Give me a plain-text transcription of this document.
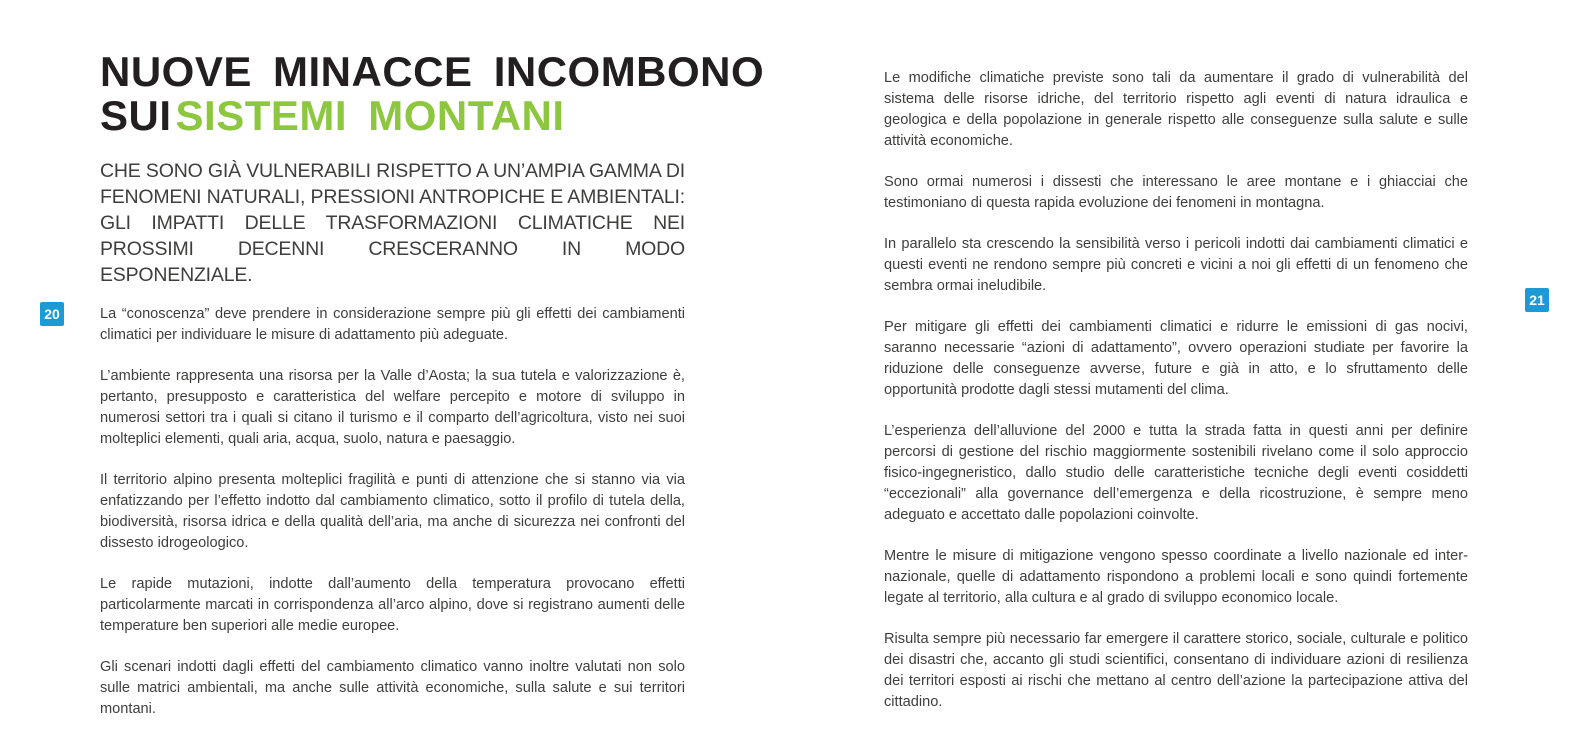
20
21
NUOVE MINACCE INCOMBONO
SUISISTEMI MONTANI

CHE SONO GIÀ VULNERABILI RISPETTO A UN’AMPIA GAMMA DI FENOMENI NATURALI, PRESSIONI ANTROPICHE E AMBIENTALI: GLI IMPATTI DELLE TRASFORMAZIONI CLIMATICHE NEI PROSSIMI DECENNI CRESCERANNO IN MODO ESPONENZIALE.

La “conoscenza” deve prendere in considerazione sempre più gli effetti dei cambiamenti climatici per individuare le misure di adattamento più adeguate.

L’ambiente rappresenta una risorsa per la Valle d’Aosta; la sua tutela e valorizzazione è, pertanto, presupposto e caratteristica del welfare percepito e motore di sviluppo in numerosi settori tra i quali si citano il turismo e il comparto dell’agricoltura, visto nei suoi molteplici elementi, quali aria, acqua, suolo, natura e paesaggio.

Il territorio alpino presenta molteplici fragilità e punti di attenzione che si stanno via via enfatizzando per l’effetto indotto dal cambiamento climatico, sotto il profilo di tutela della, biodiversità, risorsa idrica e della qualità dell’aria, ma anche di sicurezza nei confronti del dissesto idrogeologico.

Le rapide mutazioni, indotte dall’aumento della temperatura provocano effetti particolarmente marcati in corrispondenza all’arco alpino, dove si registrano aumenti delle temperature ben superiori alle medie europee.

Gli scenari indotti dagli effetti del cambiamento climatico vanno inoltre valutati non solo sulle matrici ambientali, ma anche sulle attività economiche, sulla salute e sui territori montani.

Le modifiche climatiche previste sono tali da aumentare il grado di vulnerabilità del sistema delle risorse idriche, del territorio rispetto agli eventi di natura idraulica e geologica e della popolazione in generale rispetto alle conseguenze sulla salute e sulle attività economiche.

Sono ormai numerosi i dissesti che interessano le aree montane e i ghiacciai che testimoniano di questa rapida evoluzione dei fenomeni in montagna.

In parallelo sta crescendo la sensibilità verso i pericoli indotti dai cambiamenti climatici e questi eventi ne rendono sempre più concreti e vicini a noi gli effetti di un fenomeno che sembra ormai ineludibile.

Per mitigare gli effetti dei cambiamenti climatici e ridurre le emissioni di gas nocivi, saranno necessarie “azioni di adattamento”, ovvero operazioni studiate per favorire la riduzione delle conseguenze avverse, future e già in atto, e lo sfruttamento delle opportunità prodotte dagli stessi mutamenti del clima.

L’esperienza dell’alluvione del 2000 e tutta la strada fatta in questi anni per definire percorsi di gestione del rischio maggiormente sostenibili rivelano come il solo approccio fisico-ingegneristico, dallo studio delle caratteristiche tecniche degli eventi cosiddetti “eccezionali” alla governance dell’emergenza e della ricostruzione, è sempre meno adeguato e accettato dalle popolazioni coinvolte.

Mentre le misure di mitigazione vengono spesso coordinate a livello nazionale ed inter-nazionale, quelle di adattamento rispondono a problemi locali e sono quindi fortemente legate al territorio, alla cultura e al grado di sviluppo economico locale.

Risulta sempre più necessario far emergere il carattere storico, sociale, culturale e politico dei disastri che, accanto gli studi scientifici, consentano di individuare azioni di resilienza dei territori esposti ai rischi che mettano al centro dell’azione la partecipazione attiva del cittadino.
